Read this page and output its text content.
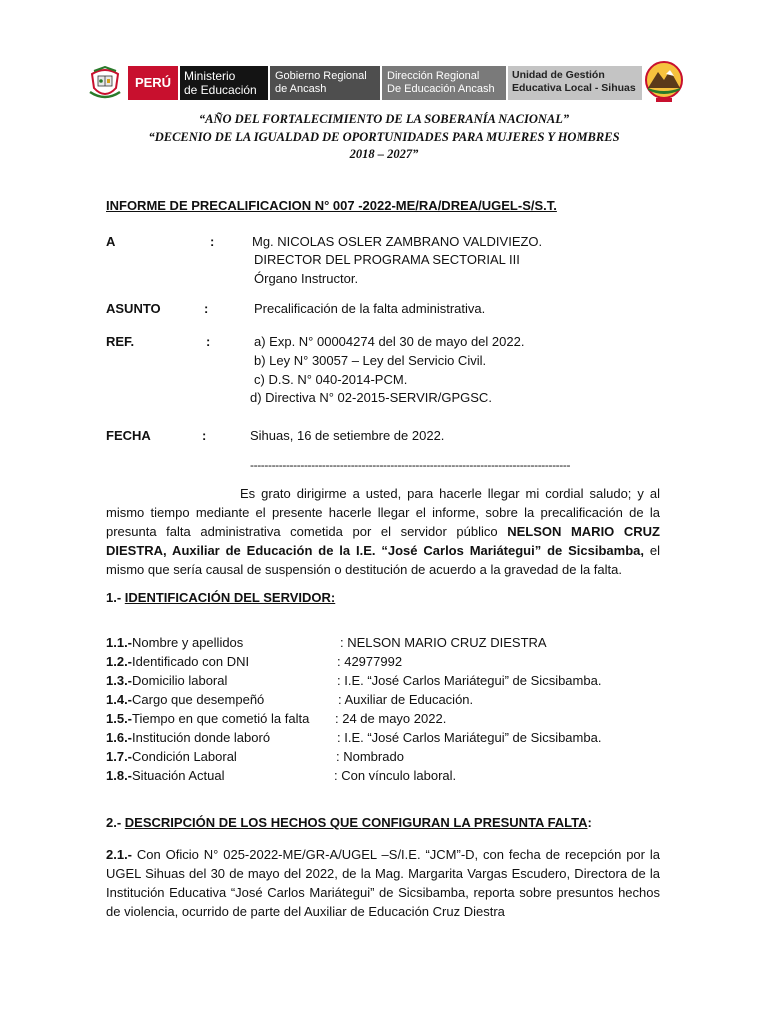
PERÚ	Ministerio
de Educación
Gobierno Regional
de Ancash
Dirección Regional
De Educación Ancash
Unidad de Gestión
Educativa Local - Sihuas
“AÑO DEL FORTALECIMIENTO DE LA SOBERANÍA NACIONAL”
“DECENIO DE LA IGUALDAD DE OPORTUNIDADES PARA MUJERES Y HOMBRES
2018 – 2027”
INFORME DE PRECALIFICACION N° 007 -2022-ME/RA/DREA/UGEL-S/S.T.
A	:	Mg. NICOLAS OSLER ZAMBRANO VALDIVIEZO.
DIRECTOR DEL PROGRAMA SECTORIAL III
Órgano Instructor.
ASUNTO	:	Precalificación de la falta administrativa.
REF.	:	a) Exp. N° 00004274 del 30 de mayo del 2022.
b) Ley N° 30057 – Ley del Servicio Civil.
c) D.S. N° 040-2014-PCM.
d) Directiva N° 02-2015-SERVIR/GPGSC.
FECHA	:	Sihuas, 16 de setiembre de 2022.
-----------------------------------------------------------------------------------------
Es grato dirigirme a usted, para hacerle llegar mi cordial saludo; y al mismo tiempo mediante el presente hacerle llegar el informe, sobre la precalificación de la presunta falta administrativa cometida por el servidor público NELSON MARIO CRUZ DIESTRA, Auxiliar de Educación de la I.E. “José Carlos Mariátegui” de Sicsibamba, el mismo que sería causal de suspensión o destitución de acuerdo a la gravedad de la falta.
1.- IDENTIFICACIÓN DEL SERVIDOR:
1.1.-Nombre y apellidos	: NELSON MARIO CRUZ DIESTRA
1.2.-Identificado con DNI	: 42977992
1.3.-Domicilio laboral	: I.E. “José Carlos Mariátegui” de Sicsibamba.
1.4.-Cargo que desempeñó	: Auxiliar de Educación.
1.5.-Tiempo en que cometió la falta : 24 de mayo 2022.
1.6.-Institución donde laboró	: I.E. “José Carlos Mariátegui” de Sicsibamba.
1.7.-Condición Laboral	: Nombrado
1.8.-Situación Actual	: Con vínculo laboral.
2.- DESCRIPCIÓN DE LOS HECHOS QUE CONFIGURAN LA PRESUNTA FALTA:
2.1.- Con Oficio N° 025-2022-ME/GR-A/UGEL –S/I.E. “JCM”-D, con fecha de recepción por la UGEL Sihuas del 30 de mayo del 2022, de la Mag. Margarita Vargas Escudero, Directora de la Institución Educativa “José Carlos Mariátegui” de Sicsibamba, reporta sobre presuntos hechos de violencia, ocurrido de parte del Auxiliar de Educación Cruz Diestra
